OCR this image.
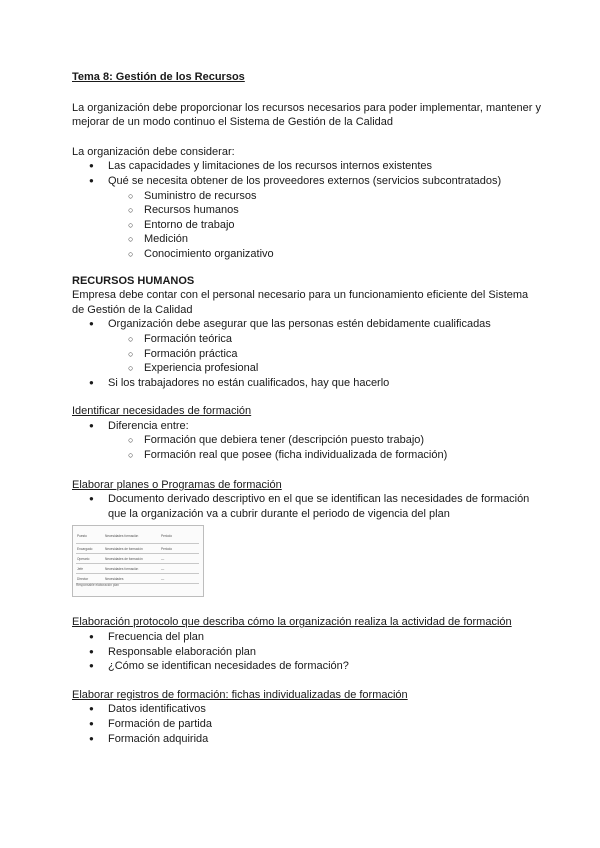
Tema 8: Gestión de los Recursos

La organización debe proporcionar los recursos necesarios para poder implementar, mantener y mejorar de un modo continuo el Sistema de Gestión de la Calidad

La organización debe considerar:

● Las capacidades y limitaciones de los recursos internos existentes
● Qué se necesita obtener de los proveedores externos (servicios subcontratados)
○ Suministro de recursos
○ Recursos humanos
○ Entorno de trabajo
○ Medición
○ Conocimiento organizativo

RECURSOS HUMANOS

Empresa debe contar con el personal necesario para un funcionamiento eficiente del Sistema de Gestión de la Calidad

● Organización debe asegurar que las personas estén debidamente cualificadas
○ Formación teórica
○ Formación práctica
○ Experiencia profesional
● Si los trabajadores no están cualificados, hay que hacerlo

Identificar necesidades de formación

● Diferencia entre:
○ Formación que debiera tener (descripción puesto trabajo)
○ Formación real que posee (ficha individualizada de formación)

Elaborar planes o Programas de formación

● Documento derivado descriptivo en el que se identifican las necesidades de formación que la organización va a cubrir durante el periodo de vigencia del plan
Puesto	Necesidades formación	Periodo
Encargado	Necesidades de formación	Periodo
Operario	Necesidades de formación	—
Jefe	Necesidades formación	—
Director	Necesidades	—
Responsable elaboración plan

Elaboración protocolo que describa cómo la organización realiza la actividad de formación

● Frecuencia del plan
● Responsable elaboración plan
● ¿Cómo se identifican necesidades de formación?

Elaborar registros de formación: fichas individualizadas de formación

● Datos identificativos
● Formación de partida
● Formación adquirida
